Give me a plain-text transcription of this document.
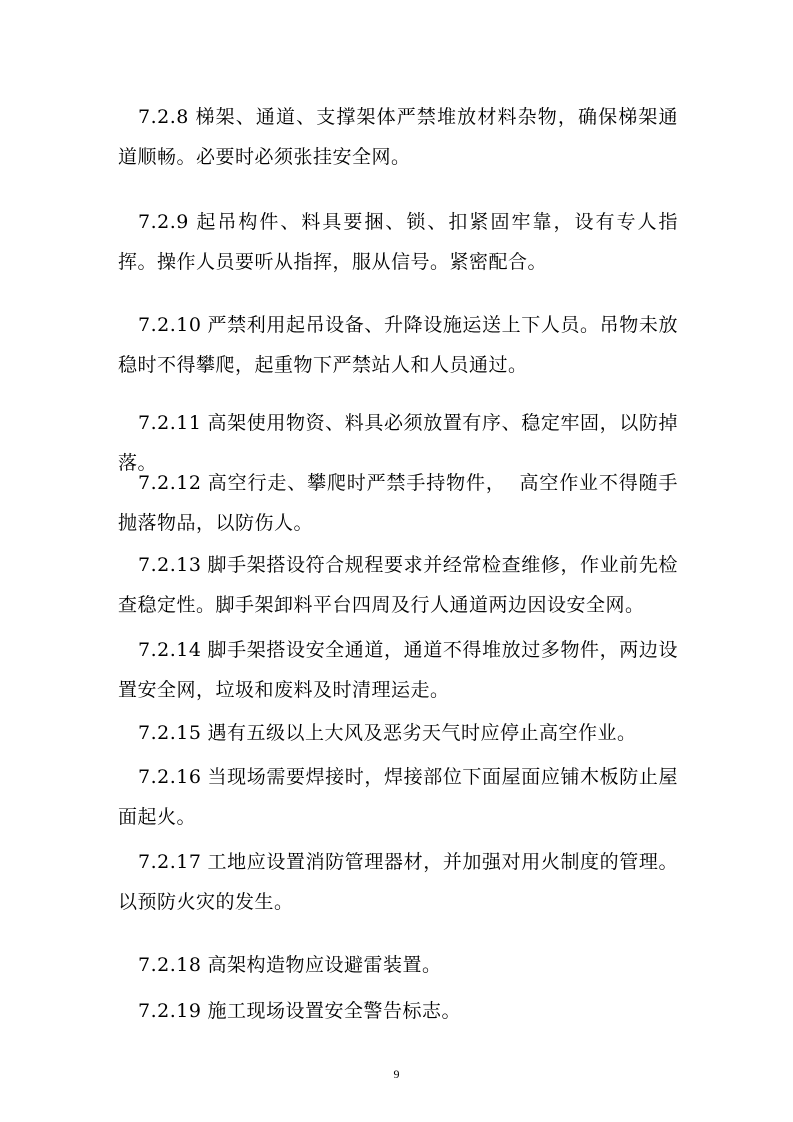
7.2.8 梯架、通道、支撑架体严禁堆放材料杂物，确保梯架通道顺畅。必要时必须张挂安全网。

7.2.9 起吊构件、料具要捆、锁、扣紧固牢靠，设有专人指挥。操作人员要听从指挥，服从信号。紧密配合。

7.2.10 严禁利用起吊设备、升降设施运送上下人员。吊物未放稳时不得攀爬，起重物下严禁站人和人员通过。

7.2.11 高架使用物资、料具必须放置有序、稳定牢固，以防掉落。

7.2.12 高空行走、攀爬时严禁手持物件，  高空作业不得随手抛落物品，以防伤人。

7.2.13 脚手架搭设符合规程要求并经常检查维修，作业前先检查稳定性。脚手架卸料平台四周及行人通道两边因设安全网。

7.2.14 脚手架搭设安全通道，通道不得堆放过多物件，两边设置安全网，垃圾和废料及时清理运走。

7.2.15 遇有五级以上大风及恶劣天气时应停止高空作业。

7.2.16 当现场需要焊接时，焊接部位下面屋面应铺木板防止屋面起火。

7.2.17 工地应设置消防管理器材，并加强对用火制度的管理。以预防火灾的发生。

7.2.18 高架构造物应设避雷装置。

7.2.19 施工现场设置安全警告标志。

9
